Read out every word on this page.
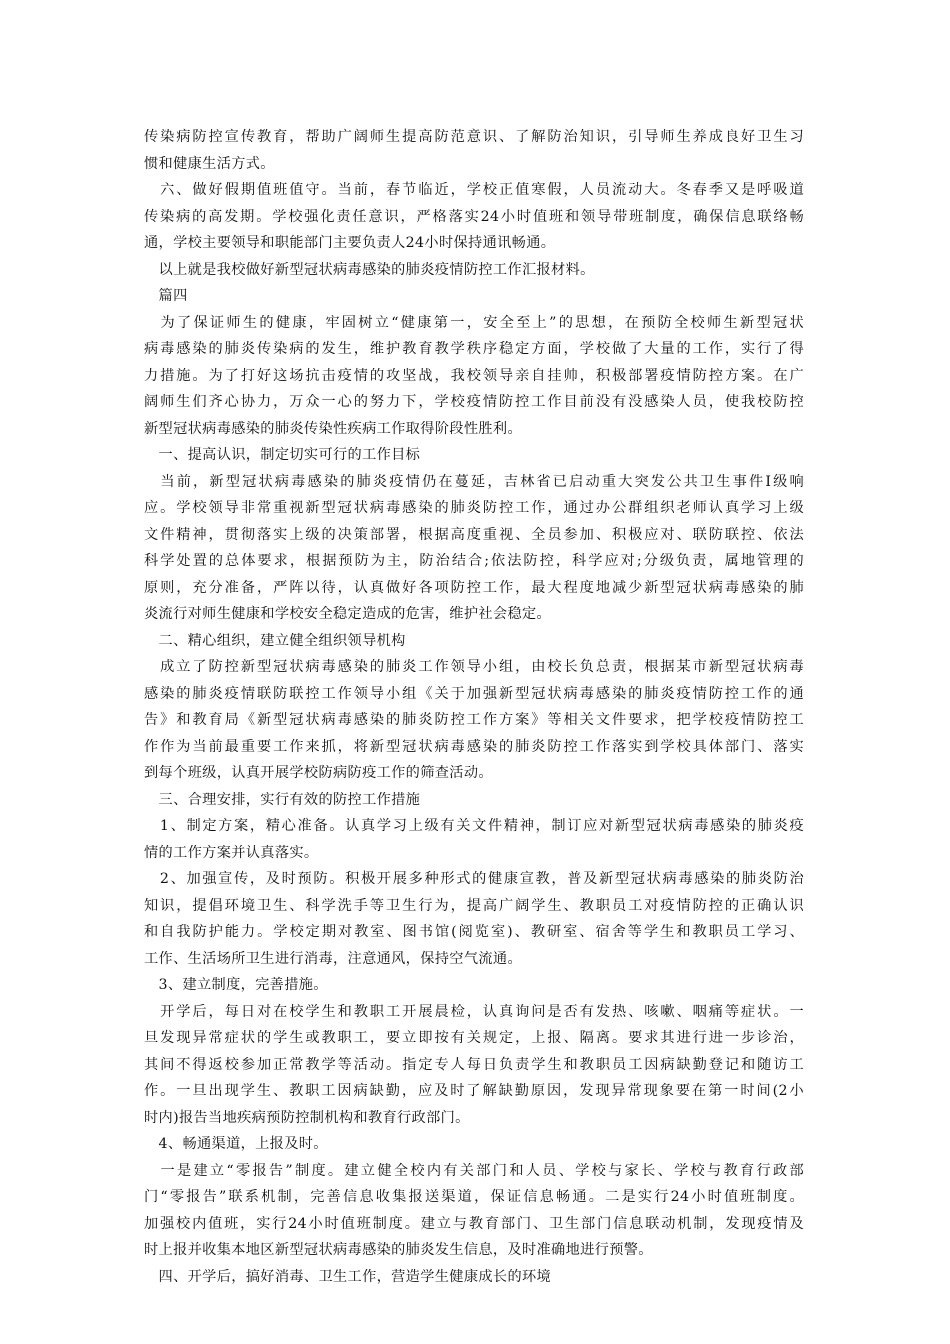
传染病防控宣传教育，帮助广阔师生提高防范意识、了解防治知识，引导师生养成良好卫生习
惯和健康生活方式。
　六、做好假期值班值守。当前，春节临近，学校正值寒假，人员流动大。冬春季又是呼吸道
传染病的高发期。学校强化责任意识，严格落实24小时值班和领导带班制度，确保信息联络畅
通，学校主要领导和职能部门主要负责人24小时保持通讯畅通。
　以上就是我校做好新型冠状病毒感染的肺炎疫情防控工作汇报材料。
　篇四
　为了保证师生的健康，牢固树立“健康第一，安全至上”的思想，在预防全校师生新型冠状
病毒感染的肺炎传染病的发生，维护教育教学秩序稳定方面，学校做了大量的工作，实行了得
力措施。为了打好这场抗击疫情的攻坚战，我校领导亲自挂帅，积极部署疫情防控方案。在广
阔师生们齐心协力，万众一心的努力下，学校疫情防控工作目前没有没感染人员，使我校防控
新型冠状病毒感染的肺炎传染性疾病工作取得阶段性胜利。
　一、提高认识，制定切实可行的工作目标
　当前，新型冠状病毒感染的肺炎疫情仍在蔓延，吉林省已启动重大突发公共卫生事件Ⅰ级响
应。学校领导非常重视新型冠状病毒感染的肺炎防控工作，通过办公群组织老师认真学习上级
文件精神，贯彻落实上级的决策部署，根据高度重视、全员参加、积极应对、联防联控、依法
科学处置的总体要求，根据预防为主，防治结合;依法防控，科学应对;分级负责，属地管理的
原则，充分准备，严阵以待，认真做好各项防控工作，最大程度地减少新型冠状病毒感染的肺
炎流行对师生健康和学校安全稳定造成的危害，维护社会稳定。
　二、精心组织，建立健全组织领导机构
　成立了防控新型冠状病毒感染的肺炎工作领导小组，由校长负总责，根据某市新型冠状病毒
感染的肺炎疫情联防联控工作领导小组《关于加强新型冠状病毒感染的肺炎疫情防控工作的通
告》和教育局《新型冠状病毒感染的肺炎防控工作方案》等相关文件要求，把学校疫情防控工
作作为当前最重要工作来抓，将新型冠状病毒感染的肺炎防控工作落实到学校具体部门、落实
到每个班级，认真开展学校防病防疫工作的筛查活动。
　三、合理安排，实行有效的防控工作措施
　1、制定方案，精心准备。认真学习上级有关文件精神，制订应对新型冠状病毒感染的肺炎疫
情的工作方案并认真落实。
　2、加强宣传，及时预防。积极开展多种形式的健康宣教，普及新型冠状病毒感染的肺炎防治
知识，提倡环境卫生、科学洗手等卫生行为，提高广阔学生、教职员工对疫情防控的正确认识
和自我防护能力。学校定期对教室、图书馆(阅览室)、教研室、宿舍等学生和教职员工学习、
工作、生活场所卫生进行消毒，注意通风，保持空气流通。
　3、建立制度，完善措施。
　开学后，每日对在校学生和教职工开展晨检，认真询问是否有发热、咳嗽、咽痛等症状。一
旦发现异常症状的学生或教职工，要立即按有关规定，上报、隔离。要求其进行进一步诊治，
其间不得返校参加正常教学等活动。指定专人每日负责学生和教职员工因病缺勤登记和随访工
作。一旦出现学生、教职工因病缺勤，应及时了解缺勤原因，发现异常现象要在第一时间(2小
时内)报告当地疾病预防控制机构和教育行政部门。
　4、畅通渠道，上报及时。
　一是建立“零报告”制度。建立健全校内有关部门和人员、学校与家长、学校与教育行政部
门“零报告”联系机制，完善信息收集报送渠道，保证信息畅通。二是实行24小时值班制度。
加强校内值班，实行24小时值班制度。建立与教育部门、卫生部门信息联动机制，发现疫情及
时上报并收集本地区新型冠状病毒感染的肺炎发生信息，及时准确地进行预警。
　四、开学后，搞好消毒、卫生工作，营造学生健康成长的环境
